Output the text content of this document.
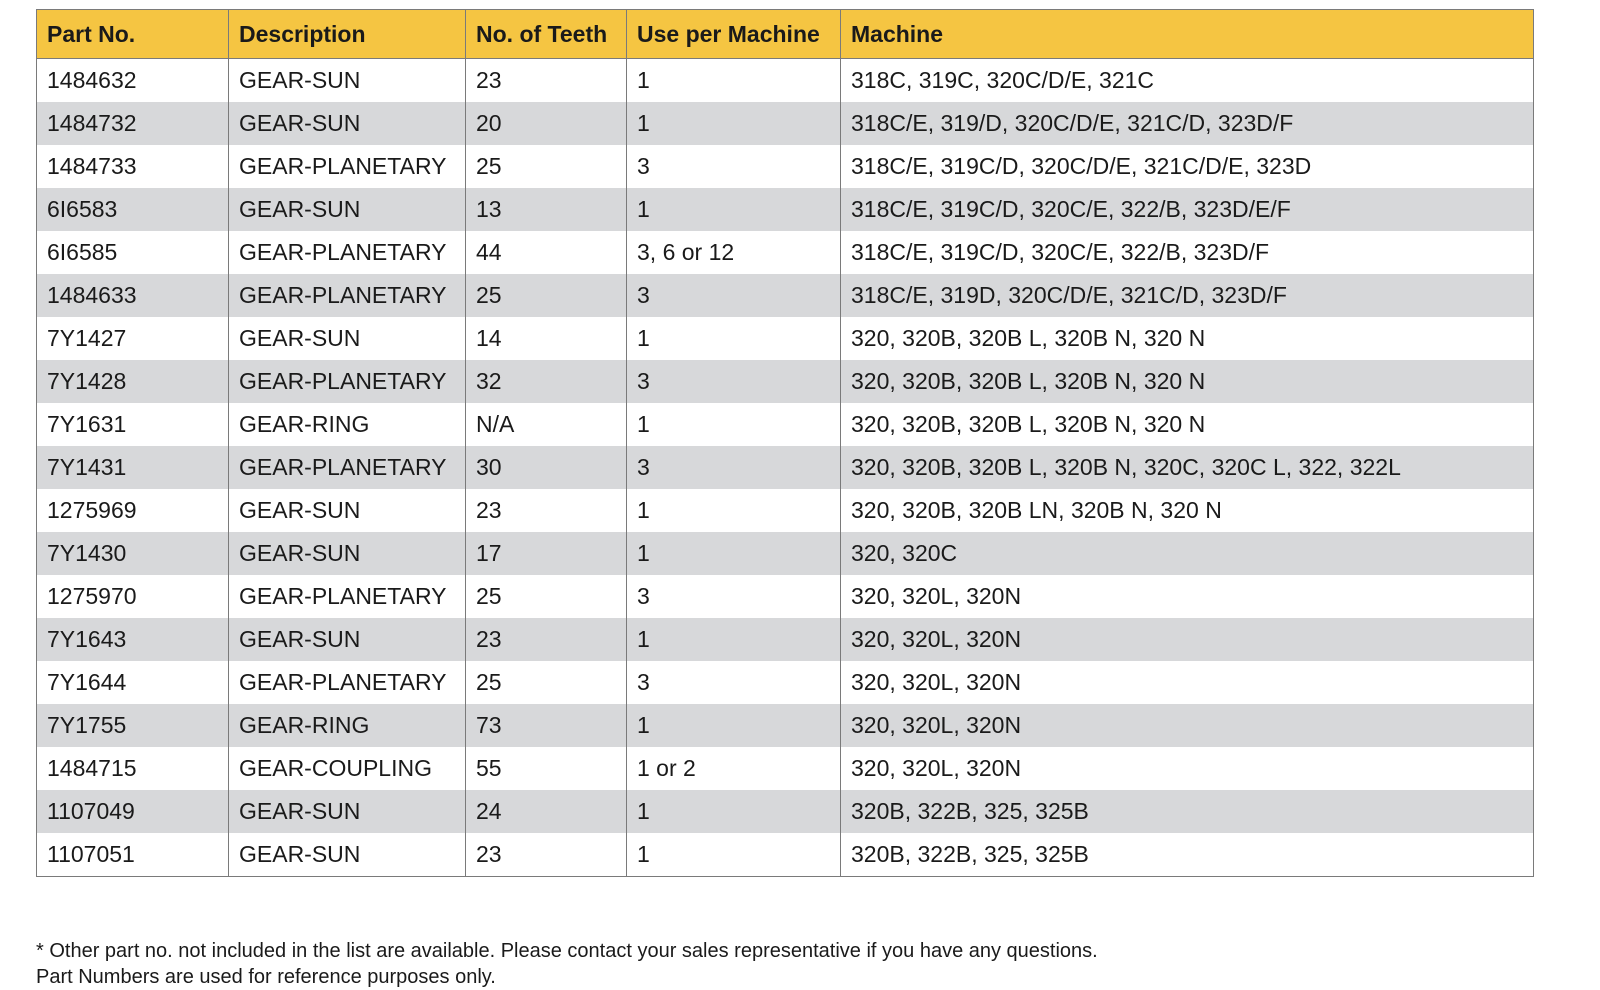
Part No.	Description	No. of Teeth	Use per Machine	Machine
1484632	GEAR-SUN	23	1	318C, 319C, 320C/D/E, 321C
1484732	GEAR-SUN	20	1	318C/E, 319/D, 320C/D/E, 321C/D, 323D/F
1484733	GEAR-PLANETARY	25	3	318C/E, 319C/D, 320C/D/E, 321C/D/E, 323D
6I6583	GEAR-SUN	13	1	318C/E, 319C/D, 320C/E, 322/B, 323D/E/F
6I6585	GEAR-PLANETARY	44	3, 6 or 12	318C/E, 319C/D, 320C/E, 322/B, 323D/F
1484633	GEAR-PLANETARY	25	3	318C/E, 319D, 320C/D/E, 321C/D, 323D/F
7Y1427	GEAR-SUN	14	1	320, 320B, 320B L, 320B N, 320 N
7Y1428	GEAR-PLANETARY	32	3	320, 320B, 320B L, 320B N, 320 N
7Y1631	GEAR-RING	N/A	1	320, 320B, 320B L, 320B N, 320 N
7Y1431	GEAR-PLANETARY	30	3	320, 320B, 320B L, 320B N, 320C, 320C L, 322, 322L
1275969	GEAR-SUN	23	1	320, 320B, 320B LN, 320B N, 320 N
7Y1430	GEAR-SUN	17	1	320, 320C
1275970	GEAR-PLANETARY	25	3	320, 320L, 320N
7Y1643	GEAR-SUN	23	1	320, 320L, 320N
7Y1644	GEAR-PLANETARY	25	3	320, 320L, 320N
7Y1755	GEAR-RING	73	1	320, 320L, 320N
1484715	GEAR-COUPLING	55	1 or 2	320, 320L, 320N
1107049	GEAR-SUN	24	1	320B, 322B, 325, 325B
1107051	GEAR-SUN	23	1	320B, 322B, 325, 325B
* Other part no. not included in the list are available. Please contact your sales representative if you have any questions.
Part Numbers are used for reference purposes only.
